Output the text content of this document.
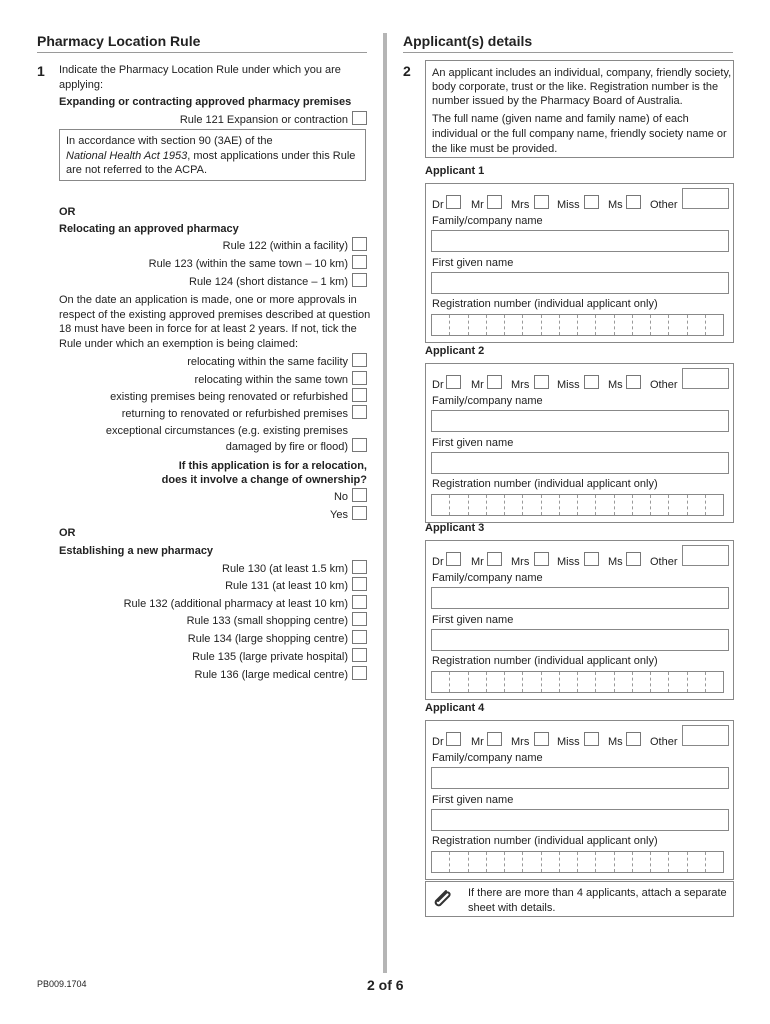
Pharmacy Location Rule
1 Indicate the Pharmacy Location Rule under which you are
applying:
Expanding or contracting approved pharmacy premises
Rule 121 Expansion or contraction
In accordance with section 90 (3AE) of the
National Health Act 1953, most applications under this Rule
are not referred to the ACPA.
OR
Relocating an approved pharmacy
Rule 122 (within a facility)
Rule 123 (within the same town – 10 km)
Rule 124 (short distance – 1 km)
On the date an application is made, one or more approvals in
respect of the existing approved premises described at question
18 must have been in force for at least 2 years. If not, tick the
Rule under which an exemption is being claimed:
relocating within the same facility
relocating within the same town
existing premises being renovated or refurbished
returning to renovated or refurbished premises
exceptional circumstances (e.g. existing premises
damaged by fire or flood)
If this application is for a relocation,
does it involve a change of ownership?
No
Yes
OR
Establishing a new pharmacy
Rule 130 (at least 1.5 km)
Rule 131 (at least 10 km)
Rule 132 (additional pharmacy at least 10 km)
Rule 133 (small shopping centre)
Rule 134 (large shopping centre)
Rule 135 (large private hospital)
Rule 136 (large medical centre)
Applicant(s) details
2 An applicant includes an individual, company, friendly society,
body corporate, trust or the like. Registration number is the
number issued by the Pharmacy Board of Australia.
The full name (given name and family name) of each
individual or the full company name, friendly society name or
the like must be provided.
Applicant 1
Dr Mr Mrs	Miss	Ms Other
Family/company name
First given name
Registration number (individual applicant only)
Applicant 2
Dr Mr Mrs	Miss	Ms Other
Family/company name
First given name
Registration number (individual applicant only)
Applicant 3
Dr Mr Mrs	Miss	Ms Other
Family/company name
First given name
Registration number (individual applicant only)
Applicant 4
Dr Mr Mrs	Miss	Ms Other
Family/company name
First given name
Registration number (individual applicant only)
If there are more than 4 applicants, attach a separate
sheet with details.
PB009.1704	2 of 6
